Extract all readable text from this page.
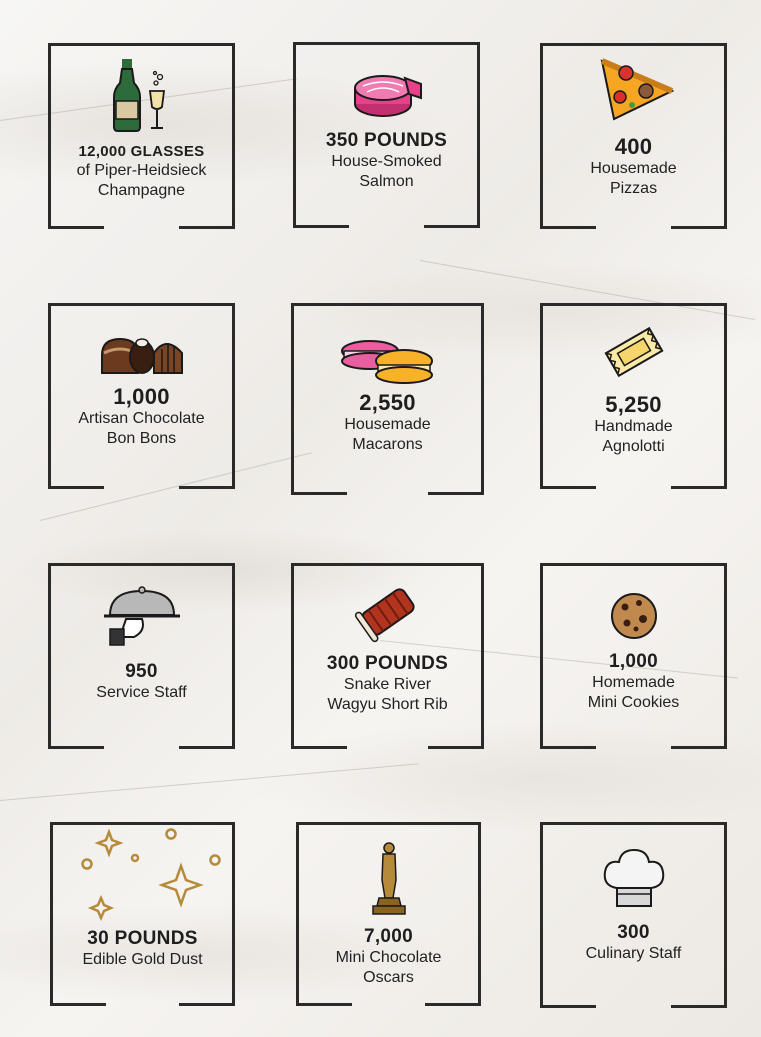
12,000 GLASSES
of Piper-Heidsieck
Champagne
350 POUNDS
House-Smoked
Salmon
400
Housemade
Pizzas
1,000
Artisan Chocolate
Bon Bons
2,550
Housemade
Macarons
5,250
Handmade
Agnolotti
950
Service Staff
300 POUNDS
Snake River
Wagyu Short Rib
1,000
Homemade
Mini Cookies
30 POUNDS
Edible Gold Dust
7,000
Mini Chocolate
Oscars
300
Culinary Staff
